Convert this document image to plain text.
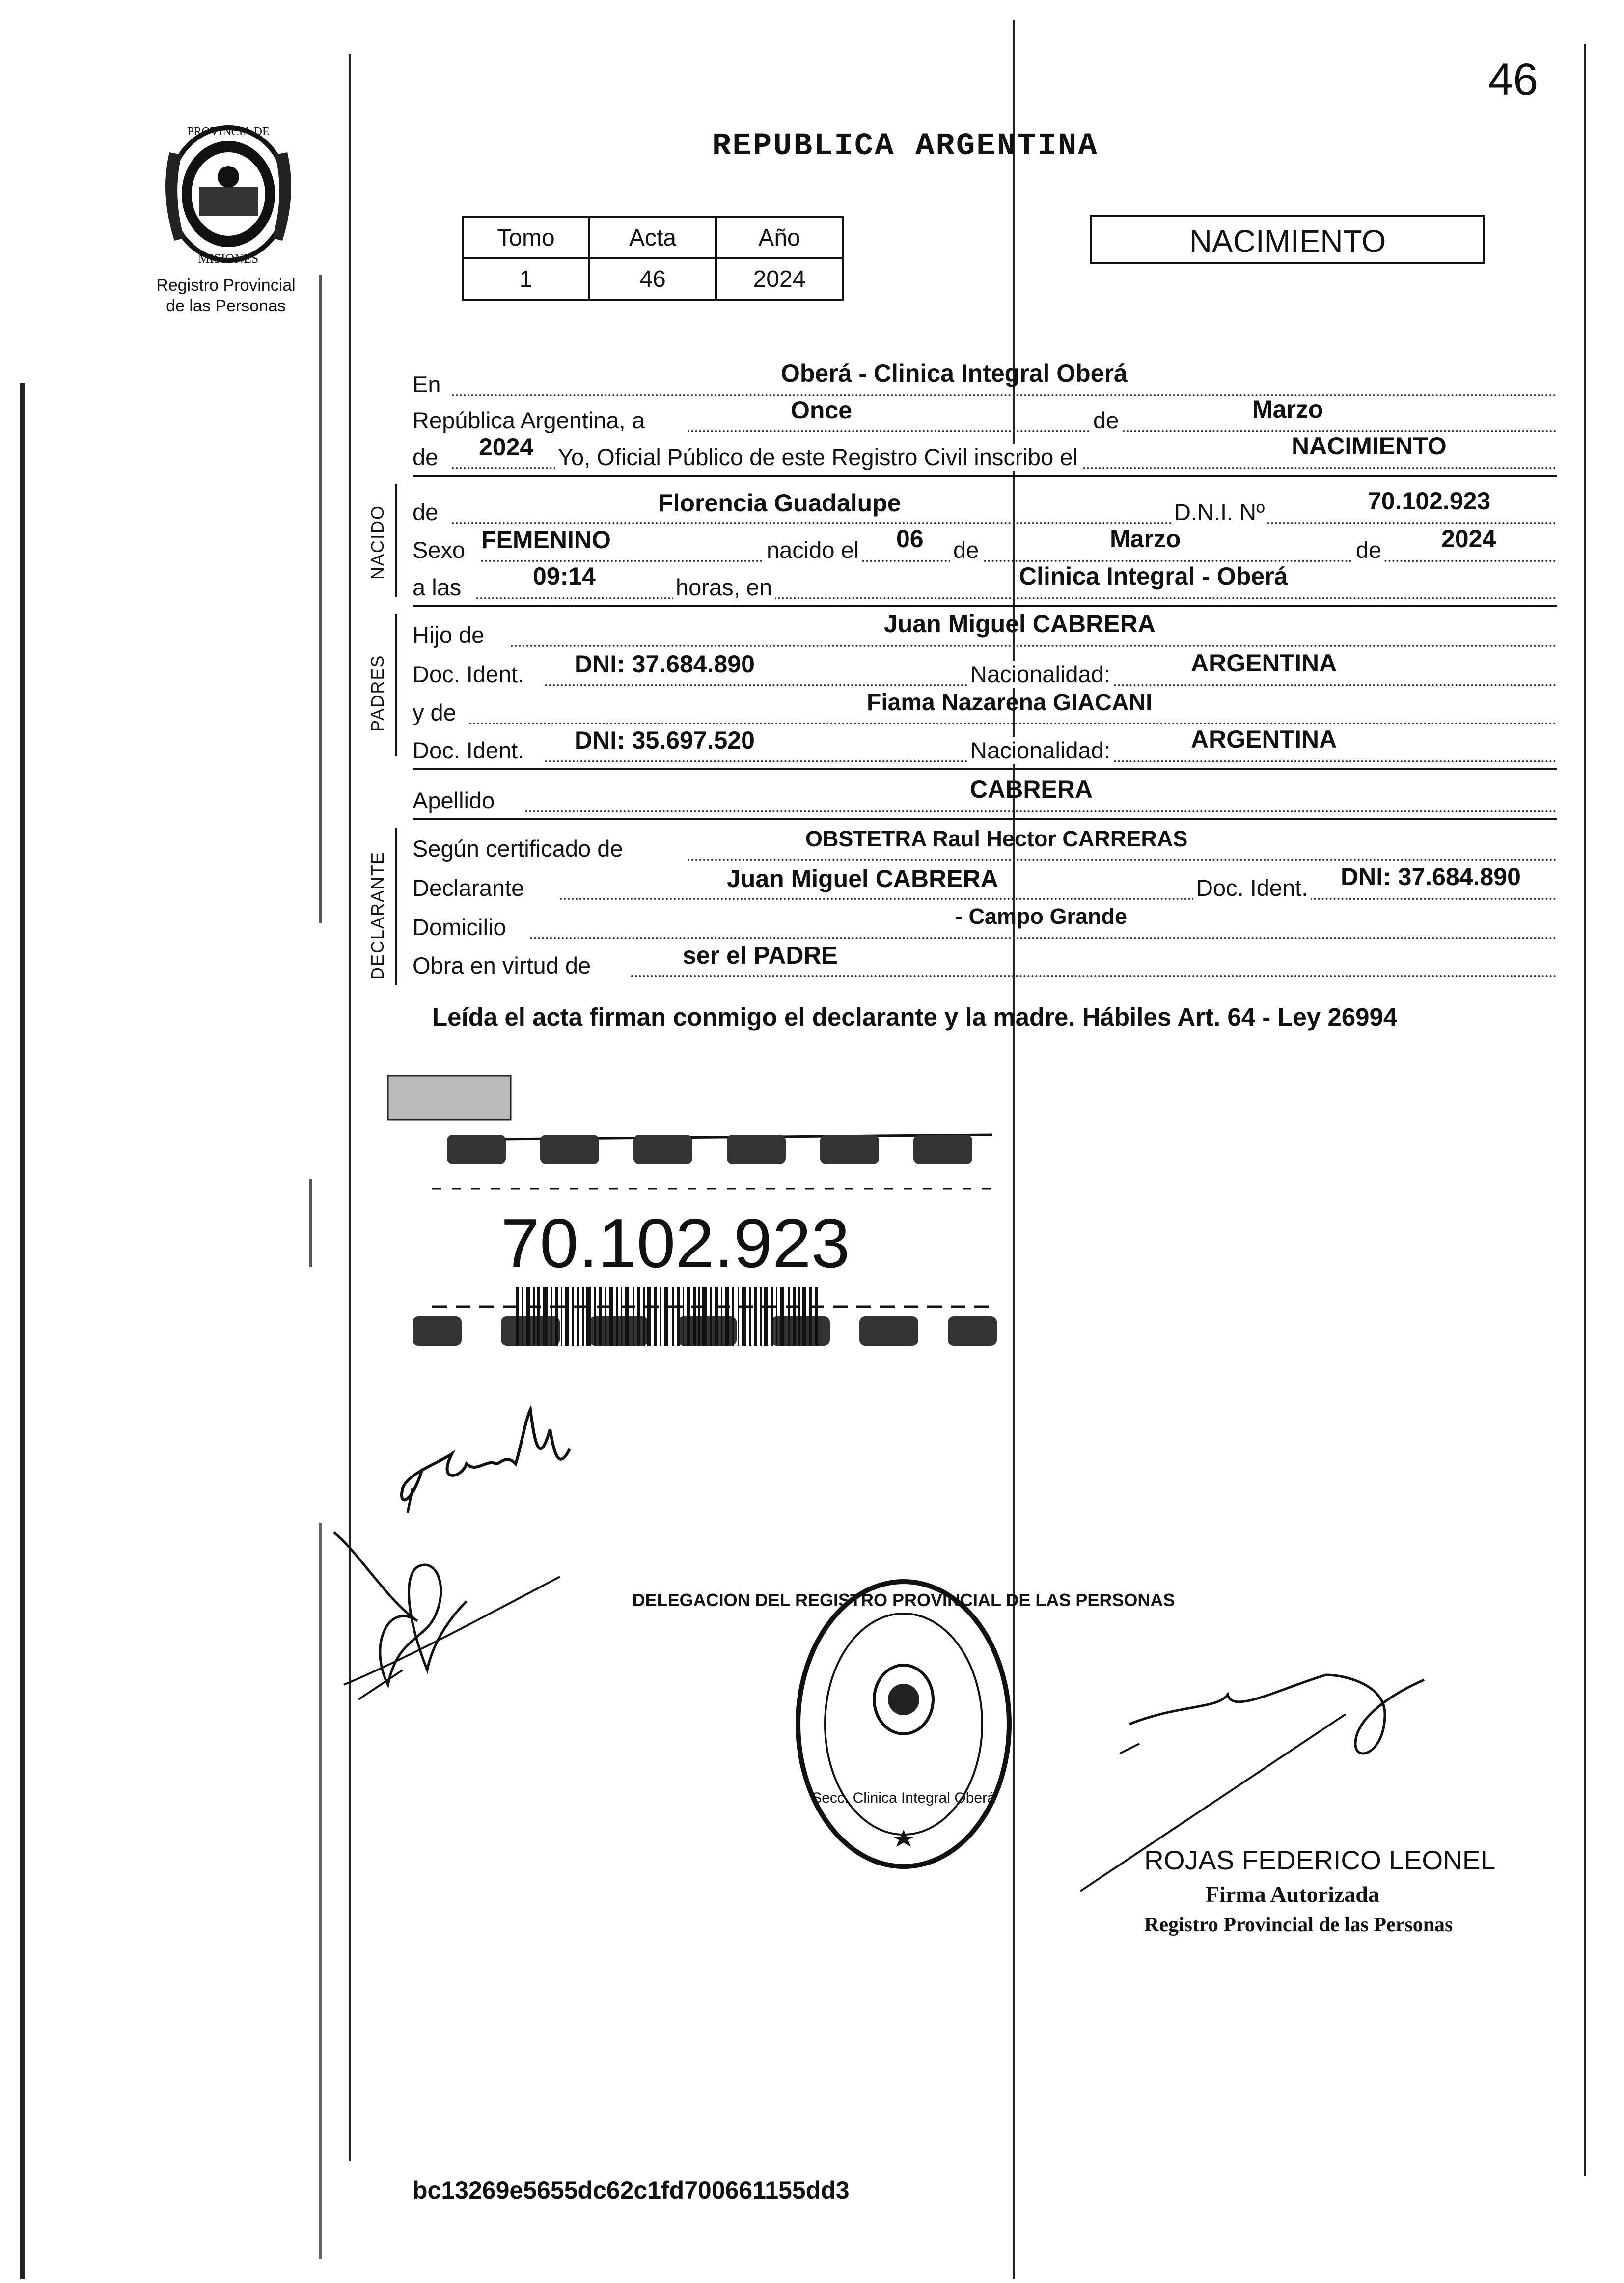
46
PROVINCIA DE
MISIONES
Registro Provincial
de las Personas
REPUBLICA ARGENTINA
Tomo	Acta	Año
1	46	2024
NACIMIENTO
En	Oberá - Clinica Integral Oberá
República Argentina, a	Once	de	Marzo
de 2024 Yo, Oficial Público de este Registro Civil inscribo el	NACIMIENTO
NACIDO de	Florencia Guadalupe	D.N.I. Nº	70.102.923
Sexo FEMENINO	nacido el 06 de	Marzo	de 2024
a las	09:14	horas, en	Clinica Integral - Oberá
PADRES
Hijo de	Juan Miguel CABRERA
Doc. Ident. DNI: 37.684.890	Nacionalidad:	ARGENTINA
y de	Fiama Nazarena GIACANI
Doc. Ident. DNI: 35.697.520	Nacionalidad:	ARGENTINA
Apellido	CABRERA
DECLARANTE
Según certificado de	OBSTETRA Raul Hector CARRERAS
Declarante	Juan Miguel CABRERA	Doc. Ident. DNI: 37.684.890
Domicilio	- Campo Grande
Obra en virtud de	ser el PADRE
Leída el acta firman conmigo el declarante y la madre. Hábiles Art. 64 - Ley 26994
70.102.923
DELEGACION DEL REGISTRO PROVINCIAL DE LAS PERSONAS
Secc. Clinica Integral Oberá
ROJAS FEDERICO LEONEL
Firma Autorizada
Registro Provincial de las Personas
bc13269e5655dc62c1fd700661155dd3
